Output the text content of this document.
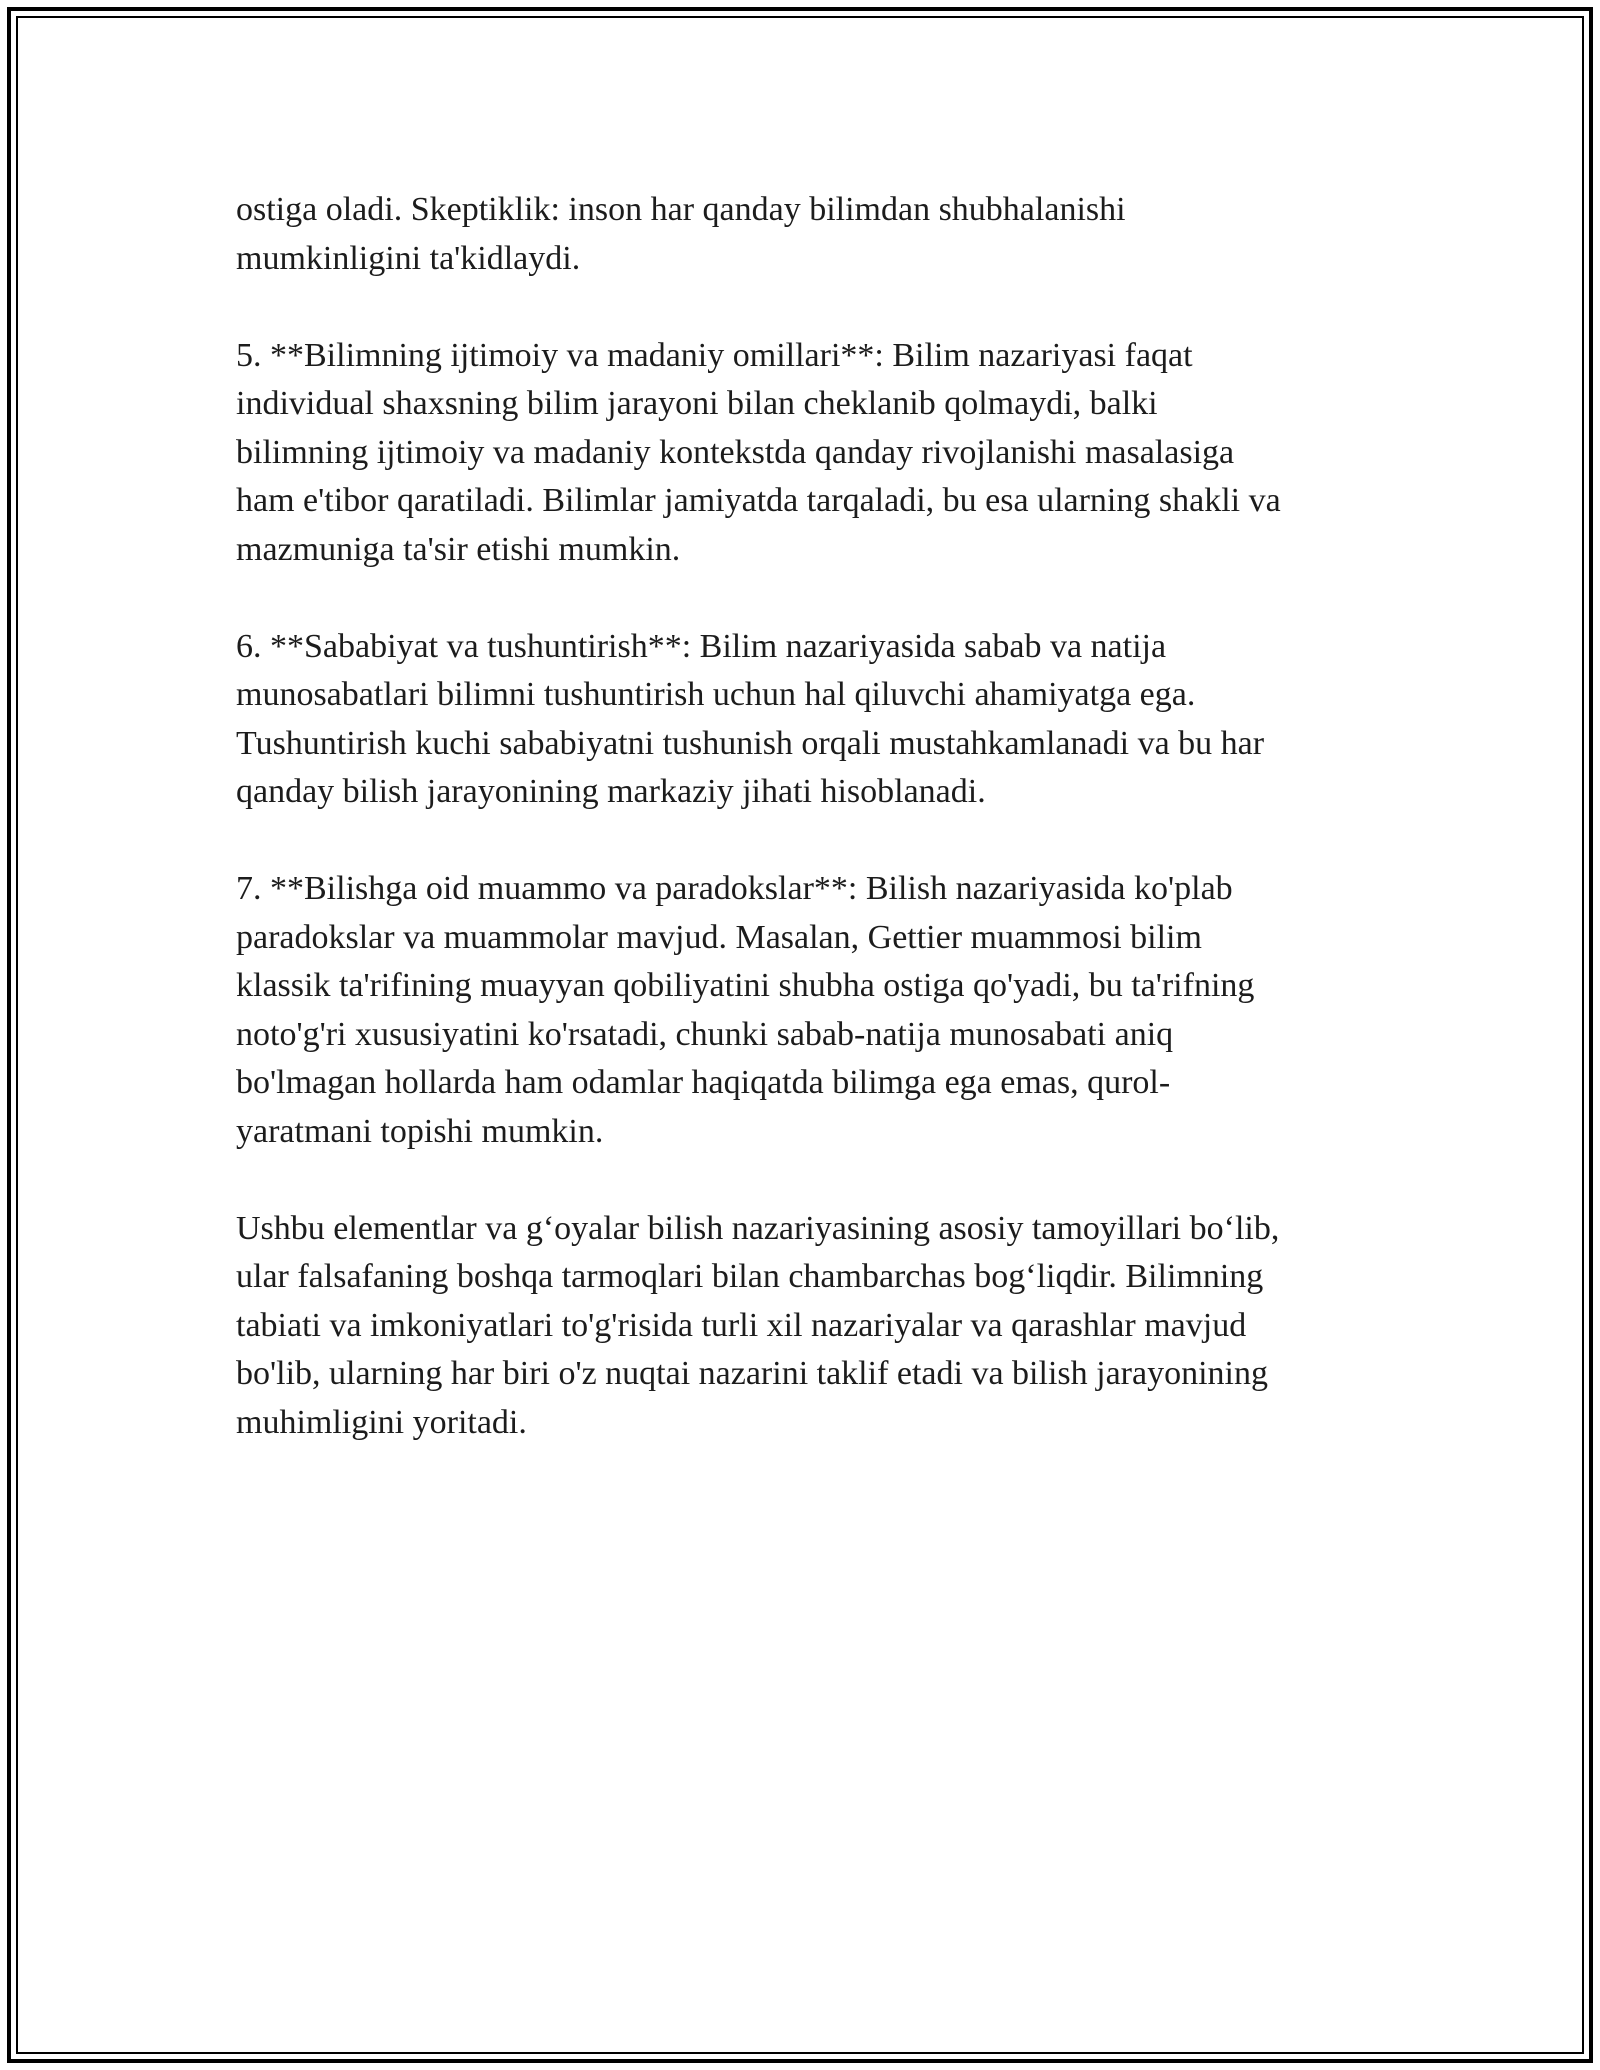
ostiga oladi. Skeptiklik: inson har qanday bilimdan shubhalanishi
mumkinligini ta'kidlaydi.

5. **Bilimning ijtimoiy va madaniy omillari**: Bilim nazariyasi faqat
individual shaxsning bilim jarayoni bilan cheklanib qolmaydi, balki
bilimning ijtimoiy va madaniy kontekstda qanday rivojlanishi masalasiga
ham e'tibor qaratiladi. Bilimlar jamiyatda tarqaladi, bu esa ularning shakli va
mazmuniga ta'sir etishi mumkin.

6. **Sababiyat va tushuntirish**: Bilim nazariyasida sabab va natija
munosabatlari bilimni tushuntirish uchun hal qiluvchi ahamiyatga ega.
Tushuntirish kuchi sababiyatni tushunish orqali mustahkamlanadi va bu har
qanday bilish jarayonining markaziy jihati hisoblanadi.

7. **Bilishga oid muammo va paradokslar**: Bilish nazariyasida ko'plab
paradokslar va muammolar mavjud. Masalan, Gettier muammosi bilim
klassik ta'rifining muayyan qobiliyatini shubha ostiga qo'yadi, bu ta'rifning
noto'g'ri xususiyatini ko'rsatadi, chunki sabab-natija munosabati aniq
bo'lmagan hollarda ham odamlar haqiqatda bilimga ega emas, qurol-
yaratmani topishi mumkin.

Ushbu elementlar va g‘oyalar bilish nazariyasining asosiy tamoyillari bo‘lib,
ular falsafaning boshqa tarmoqlari bilan chambarchas bog‘liqdir. Bilimning
tabiati va imkoniyatlari to'g'risida turli xil nazariyalar va qarashlar mavjud
bo'lib, ularning har biri o'z nuqtai nazarini taklif etadi va bilish jarayonining
muhimligini yoritadi.
